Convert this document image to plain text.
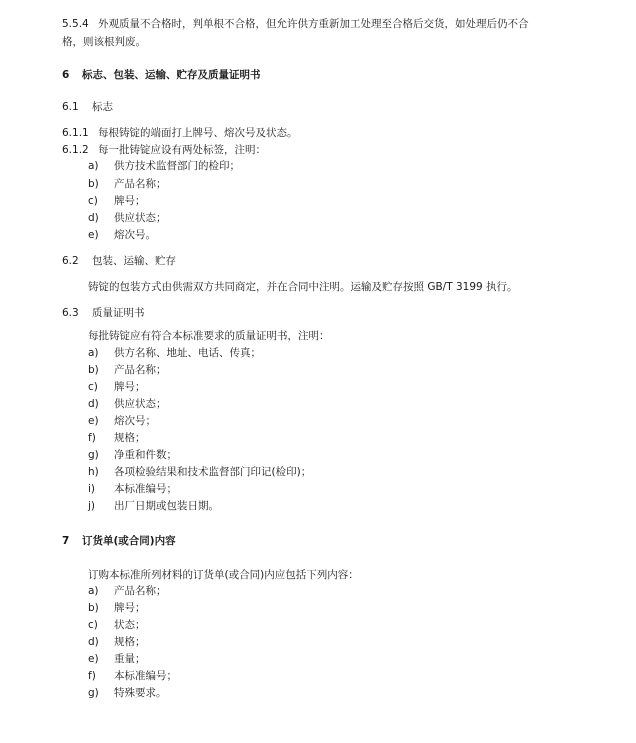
5.5.4 外观质量不合格时，判单根不合格，但允许供方重新加工处理至合格后交货，如处理后仍不合
格，则该根判废。
6 标志、包装、运输、贮存及质量证明书
6.1 标志
6.1.1 每根铸锭的端面打上牌号、熔次号及状态。
6.1.2 每一批铸锭应设有两处标签，注明：
a) 供方技术监督部门的检印；
b) 产品名称；
c) 牌号；
d) 供应状态；
e) 熔次号。
6.2 包装、运输、贮存
铸锭的包装方式由供需双方共同商定，并在合同中注明。运输及贮存按照 GB/T 3199 执行。
6.3 质量证明书
每批铸锭应有符合本标准要求的质量证明书，注明：
a) 供方名称、地址、电话、传真；
b) 产品名称；
c) 牌号；
d) 供应状态；
e) 熔次号；
f) 规格；
g) 净重和件数；
h) 各项检验结果和技术监督部门印记(检印)；
i) 本标准编号；
j) 出厂日期或包装日期。
7 订货单(或合同)内容
订购本标准所列材料的订货单(或合同)内应包括下列内容：
a) 产品名称；
b) 牌号；
c) 状态；
d) 规格；
e) 重量；
f) 本标准编号；
g) 特殊要求。
